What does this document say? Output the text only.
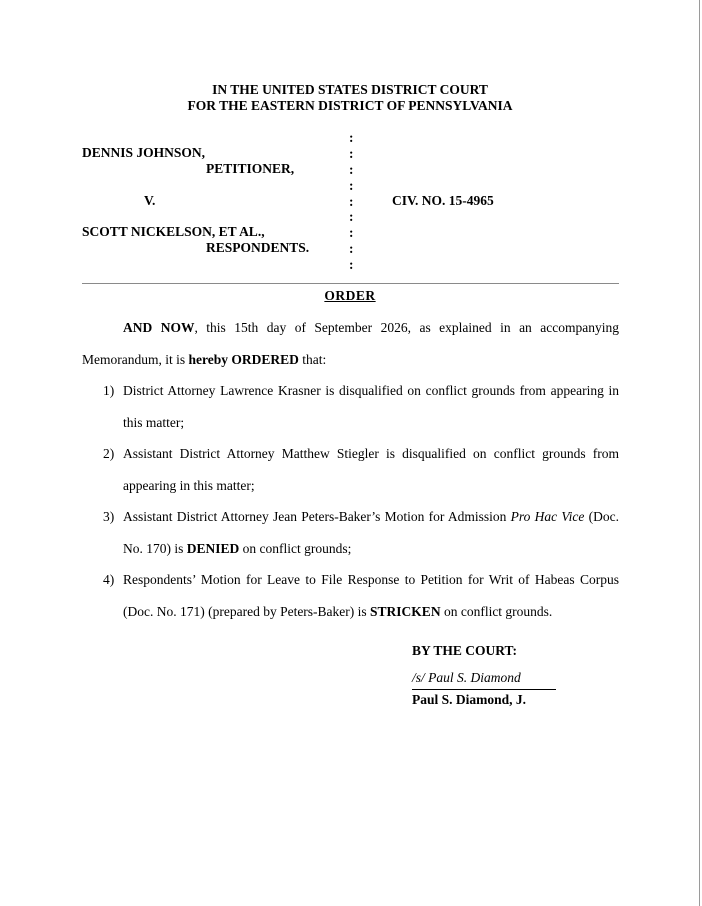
IN THE UNITED STATES DISTRICT COURT
FOR THE EASTERN DISTRICT OF PENNSYLVANIA
DENNIS JOHNSON,
PETITIONER,
V.
SCOTT NICKELSON, ET AL.,
RESPONDENTS.
:
:
:
:
:
:
:
:
:
CIV. NO. 15-4965
ORDER
AND NOW, this 15th day of September 2026, as explained in an accompanying Memorandum, it is hereby ORDERED that:
1) District Attorney Lawrence Krasner is disqualified on conflict grounds from appearing in this matter;
2) Assistant District Attorney Matthew Stiegler is disqualified on conflict grounds from appearing in this matter;
3) Assistant District Attorney Jean Peters-Baker’s Motion for Admission Pro Hac Vice (Doc. No. 170) is DENIED on conflict grounds;
4) Respondents’ Motion for Leave to File Response to Petition for Writ of Habeas Corpus (Doc. No. 171) (prepared by Peters-Baker) is STRICKEN on conflict grounds.
BY THE COURT:
/s/ Paul S. Diamond
Paul S. Diamond, J.
